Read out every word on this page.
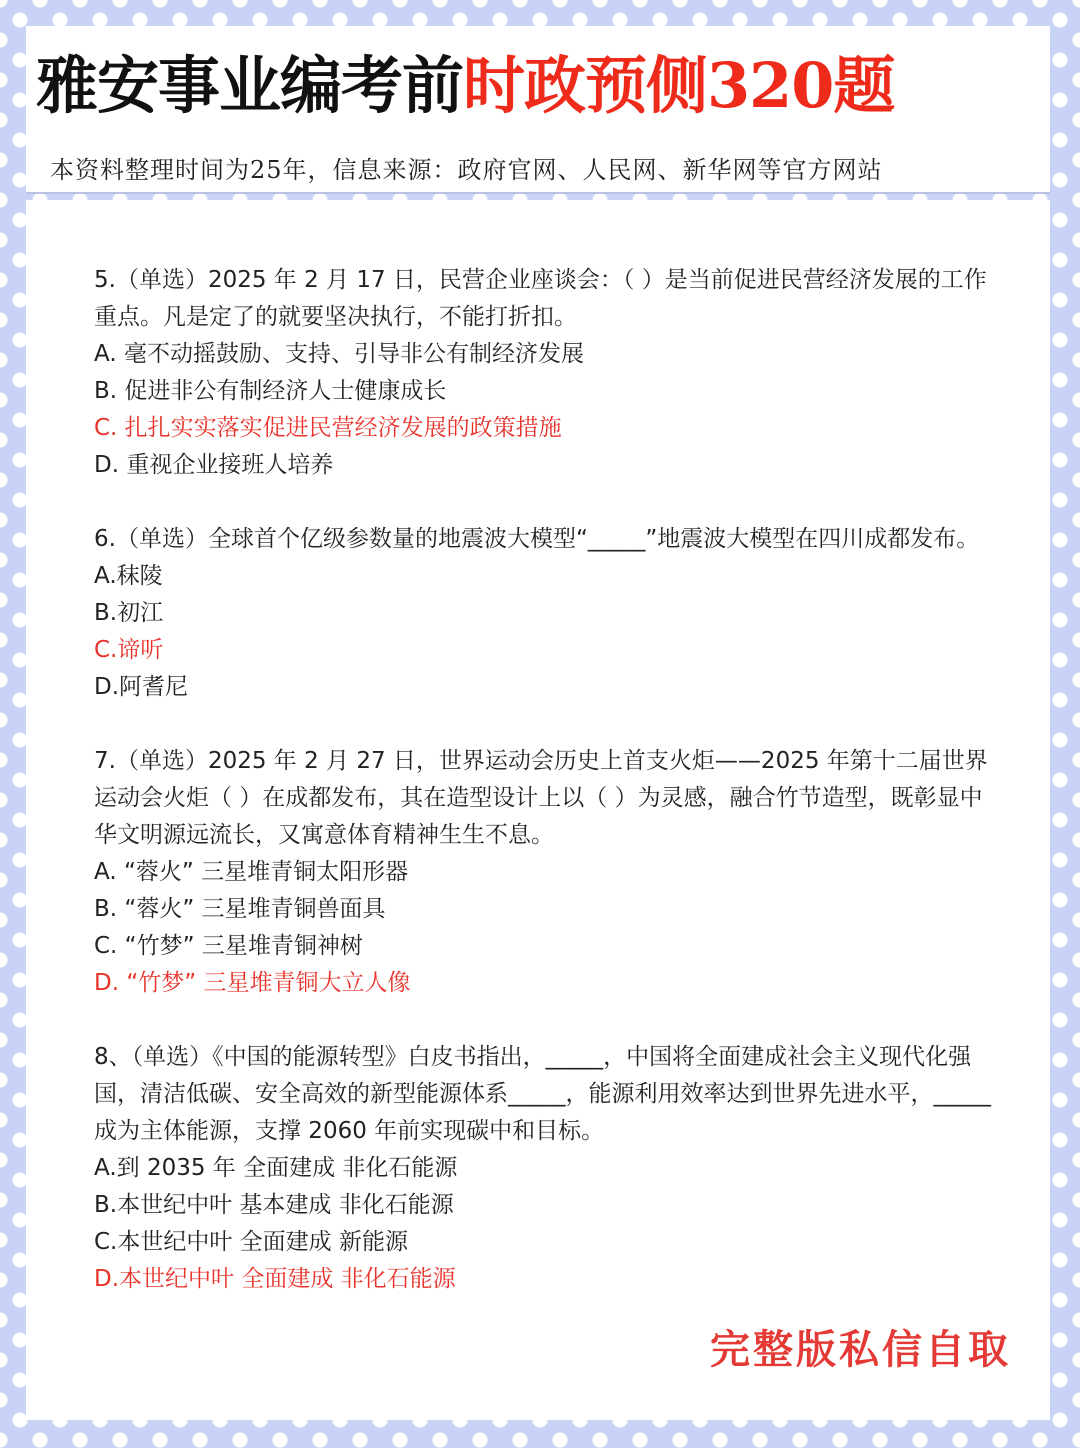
雅安事业编考前时政预侧320题
本资料整理时间为25年，信息来源：政府官网、人民网、新华网等官方网站

5.（单选）2025 年 2 月 17 日，民营企业座谈会：（ ）是当前促进民营经济发展的工作重点。凡是定了的就要坚决执行，不能打折扣。

A. 毫不动摇鼓励、支持、引导非公有制经济发展

B. 促进非公有制经济人士健康成长

C. 扎扎实实落实促进民营经济发展的政策措施

D. 重视企业接班人培养

6.（单选）全球首个亿级参数量的地震波大模型“_____”地震波大模型在四川成都发布。

A.秣陵

B.初江

C.谛听

D.阿耆尼

7.（单选）2025 年 2 月 27 日，世界运动会历史上首支火炬——2025 年第十二届世界运动会火炬（ ）在成都发布，其在造型设计上以（ ）为灵感，融合竹节造型，既彰显中华文明源远流长，又寓意体育精神生生不息。

A. “蓉火” 三星堆青铜太阳形器

B. “蓉火” 三星堆青铜兽面具

C. “竹梦” 三星堆青铜神树

D. “竹梦” 三星堆青铜大立人像

8、（单选）《中国的能源转型》白皮书指出，_____，中国将全面建成社会主义现代化强国，清洁低碳、安全高效的新型能源体系_____，能源利用效率达到世界先进水平，_____成为主体能源，支撑 2060 年前实现碳中和目标。

A.到 2035 年 全面建成 非化石能源

B.本世纪中叶 基本建成 非化石能源

C.本世纪中叶 全面建成 新能源

D.本世纪中叶 全面建成 非化石能源

完整版私信自取
